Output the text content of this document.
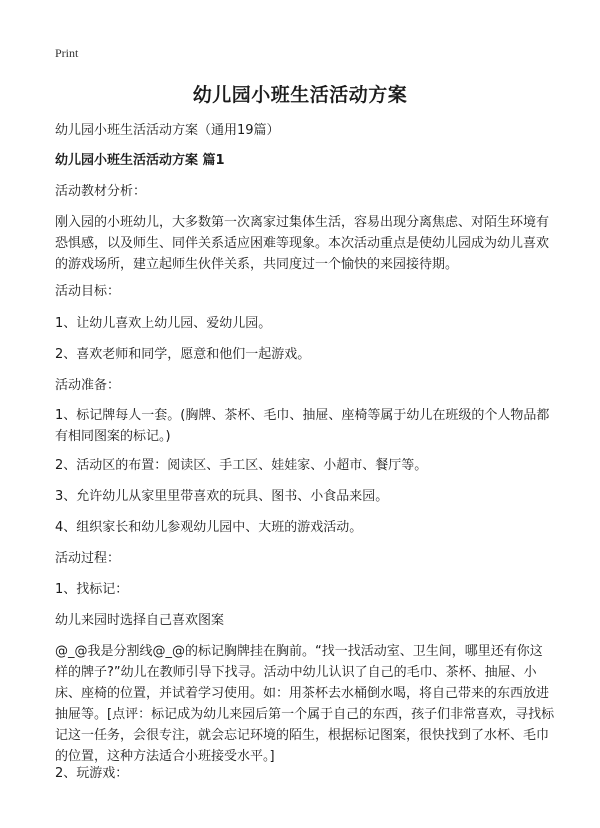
Print
幼儿园小班生活活动方案

幼儿园小班生活活动方案（通用19篇）

幼儿园小班生活活动方案 篇1

活动教材分析：

刚入园的小班幼儿，大多数第一次离家过集体生活，容易出现分离焦虑、对陌生环境有恐惧感，以及师生、同伴关系适应困难等现象。本次活动重点是使幼儿园成为幼儿喜欢的游戏场所，建立起师生伙伴关系，共同度过一个愉快的来园接待期。

活动目标：

1、让幼儿喜欢上幼儿园、爱幼儿园。

2、喜欢老师和同学，愿意和他们一起游戏。

活动准备：

1、标记牌每人一套。(胸牌、茶杯、毛巾、抽屉、座椅等属于幼儿在班级的个人物品都有相同图案的标记。)

2、活动区的布置：阅读区、手工区、娃娃家、小超市、餐厅等。

3、允许幼儿从家里里带喜欢的玩具、图书、小食品来园。

4、组织家长和幼儿参观幼儿园中、大班的游戏活动。

活动过程：

1、找标记：

幼儿来园时选择自己喜欢图案

@_@我是分割线@_@的标记胸牌挂在胸前。“找一找活动室、卫生间，哪里还有你这样的牌子?”幼儿在教师引导下找寻。活动中幼儿认识了自己的毛巾、茶杯、抽屉、小床、座椅的位置，并试着学习使用。如：用茶杯去水桶倒水喝，将自己带来的东西放进抽屉等。[点评：标记成为幼儿来园后第一个属于自己的东西，孩子们非常喜欢，寻找标记这一任务，会很专注，就会忘记环境的陌生，根据标记图案，很快找到了水杯、毛巾的位置，这种方法适合小班接受水平。]

2、玩游戏：
